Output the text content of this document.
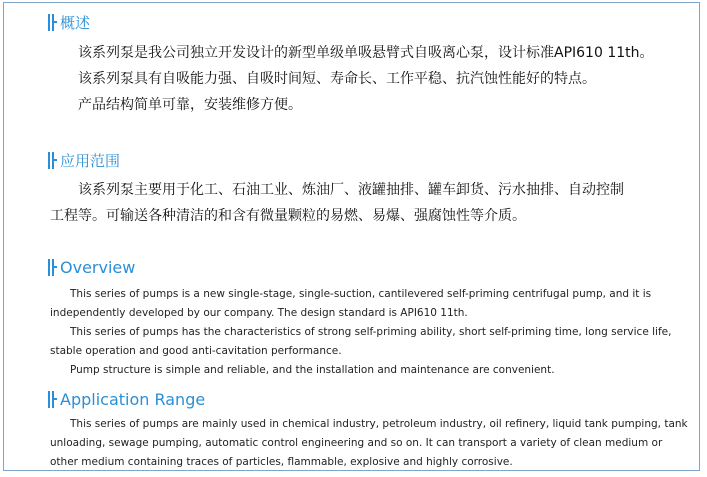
概述
该系列泵是我公司独立开发设计的新型单级单吸悬臂式自吸离心泵，设计标准API610 11th。
该系列泵具有自吸能力强、自吸时间短、寿命长、工作平稳、抗汽蚀性能好的特点。
产品结构简单可靠，安装维修方便。
应用范围
该系列泵主要用于化工、石油工业、炼油厂、液罐抽排、罐车卸货、污水抽排、自动控制
工程等。可输送各种清洁的和含有微量颗粒的易燃、易爆、强腐蚀性等介质。
Overview
This series of pumps is a new single-stage, single-suction, cantilevered self-priming centrifugal pump, and it is
independently developed by our company. The design standard is API610 11th.
This series of pumps has the characteristics of strong self-priming ability, short self-priming time, long service life,
stable operation and good anti-cavitation performance.
Pump structure is simple and reliable, and the installation and maintenance are convenient.
Application Range
This series of pumps are mainly used in chemical industry, petroleum industry, oil refinery, liquid tank pumping, tank
unloading, sewage pumping, automatic control engineering and so on. It can transport a variety of clean medium or
other medium containing traces of particles, flammable, explosive and highly corrosive.
